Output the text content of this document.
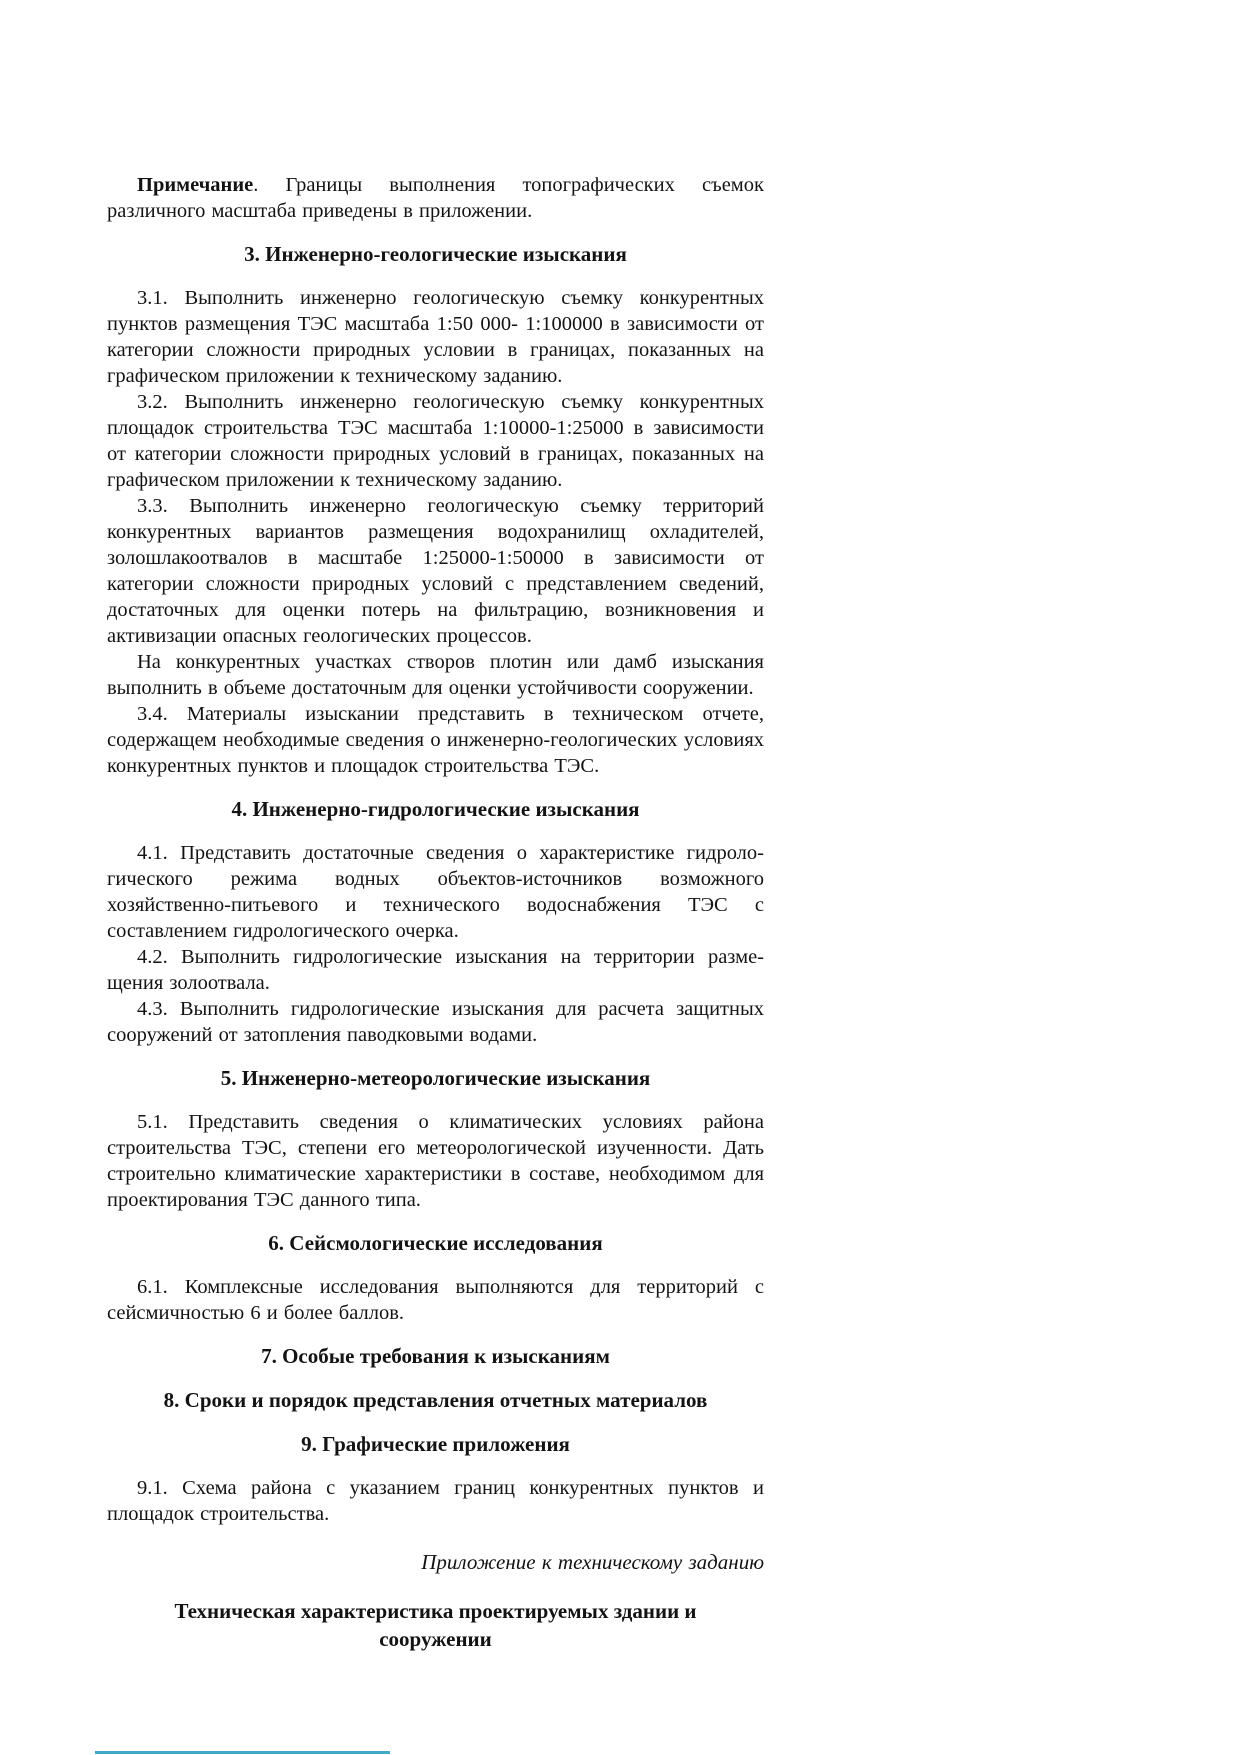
Примечание. Границы выполнения топографических съемок различного масштаба приведены в приложении.

3. Инженерно-геологические изыскания

3.1. Выполнить инженерно геологическую съемку конкурентных пунктов размещения ТЭС масштаба 1:50 000- 1:100000 в зависимости от категории сложности природных условии в границах, показанных на графическом приложении к техническому заданию.

3.2. Выполнить инженерно геологическую съемку конкурентных площадок строительства ТЭС масштаба 1:10000-1:25000 в зависимости от категории сложности природных условий в границах, показанных на графическом приложении к техническому заданию.

3.3. Выполнить инженерно геологическую съемку территорий конкурентных вариантов размещения водохранилищ охладителей, золошлакоотвалов в масштабе 1:25000-1:50000 в зависимости от категории сложности природных условий с представлением сведений, достаточных для оценки потерь на фильтрацию, возникновения и активизации опасных геологических процессов.

На конкурентных участках створов плотин или дамб изыскания выполнить в объеме достаточным для оценки устойчивости сооружении.

3.4. Материалы изыскании представить в техническом отчете, содержащем необходимые сведения о инженерно-геологических условиях конкурентных пунктов и площадок строительства ТЭС.

4. Инженерно-гидрологические изыскания

4.1. Представить достаточные сведения о характеристике гидроло-гического режима водных объектов-источников возможного хозяйственно-питьевого и технического водоснабжения ТЭС с составлением гидрологического очерка.

4.2. Выполнить гидрологические изыскания на территории разме-щения золоотвала.

4.3. Выполнить гидрологические изыскания для расчета защитных сооружений от затопления паводковыми водами.

5. Инженерно-метеорологические изыскания

5.1. Представить сведения о климатических условиях района строительства ТЭС, степени его метеорологической изученности. Дать строительно климатические характеристики в составе, необходимом для проектирования ТЭС данного типа.

6. Сейсмологические исследования

6.1. Комплексные исследования выполняются для территорий с сейсмичностью 6 и более баллов.

7. Особые требования к изысканиям

8. Сроки и порядок представления отчетных материалов

9. Графические приложения

9.1. Схема района с указанием границ конкурентных пунктов и площадок строительства.

Приложение к техническому заданию

Техническая характеристика проектируемых здании и сооружении
